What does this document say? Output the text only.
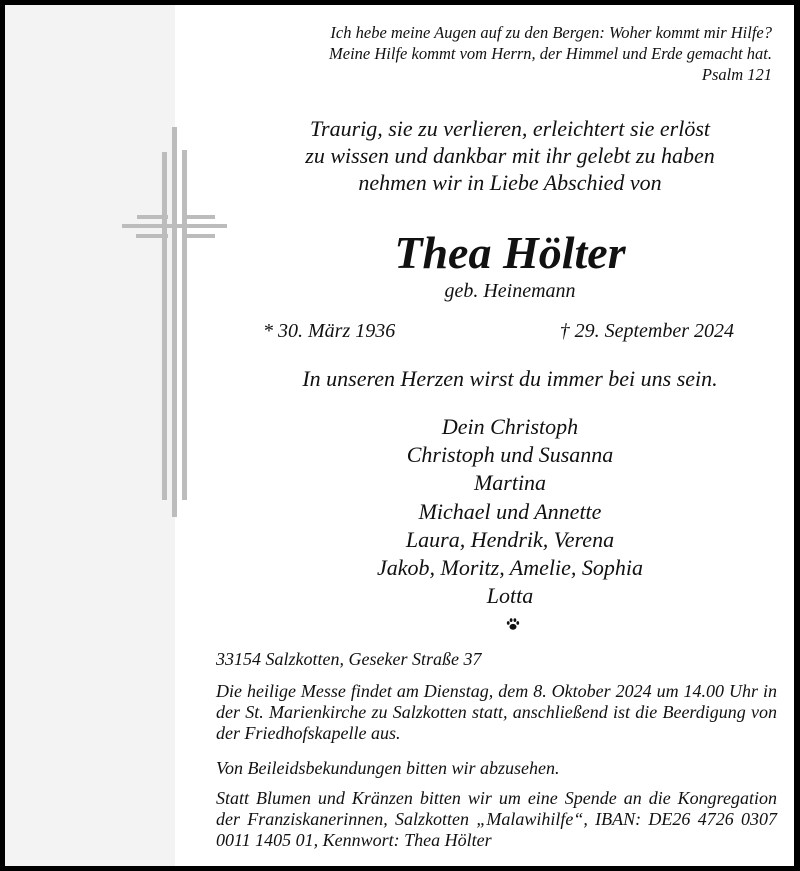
Ich hebe meine Augen auf zu den Bergen: Woher kommt mir Hilfe?
Meine Hilfe kommt vom Herrn, der Himmel und Erde gemacht hat.
Psalm 121
Traurig, sie zu verlieren, erleichtert sie erlöst
zu wissen und dankbar mit ihr gelebt zu haben
nehmen wir in Liebe Abschied von
Thea Hölter
geb. Heinemann
* 30. März 1936	† 29. September 2024
In unseren Herzen wirst du immer bei uns sein.
Dein Christoph
Christoph und Susanna
Martina
Michael und Annette
Laura, Hendrik, Verena
Jakob, Moritz, Amelie, Sophia
Lotta
33154 Salzkotten, Geseker Straße 37
Die heilige Messe findet am Dienstag, dem 8. Oktober 2024 um 14.00 Uhr in der St. Marienkirche zu Salzkotten statt, anschließend ist die Beerdigung von der Friedhofskapelle aus.
Von Beileidsbekundungen bitten wir abzusehen.
Statt Blumen und Kränzen bitten wir um eine Spende an die Kongregation der Franziskanerinnen, Salzkotten „Malawihilfe“, IBAN: DE26 4726 0307 0011 1405 01, Kennwort: Thea Hölter
